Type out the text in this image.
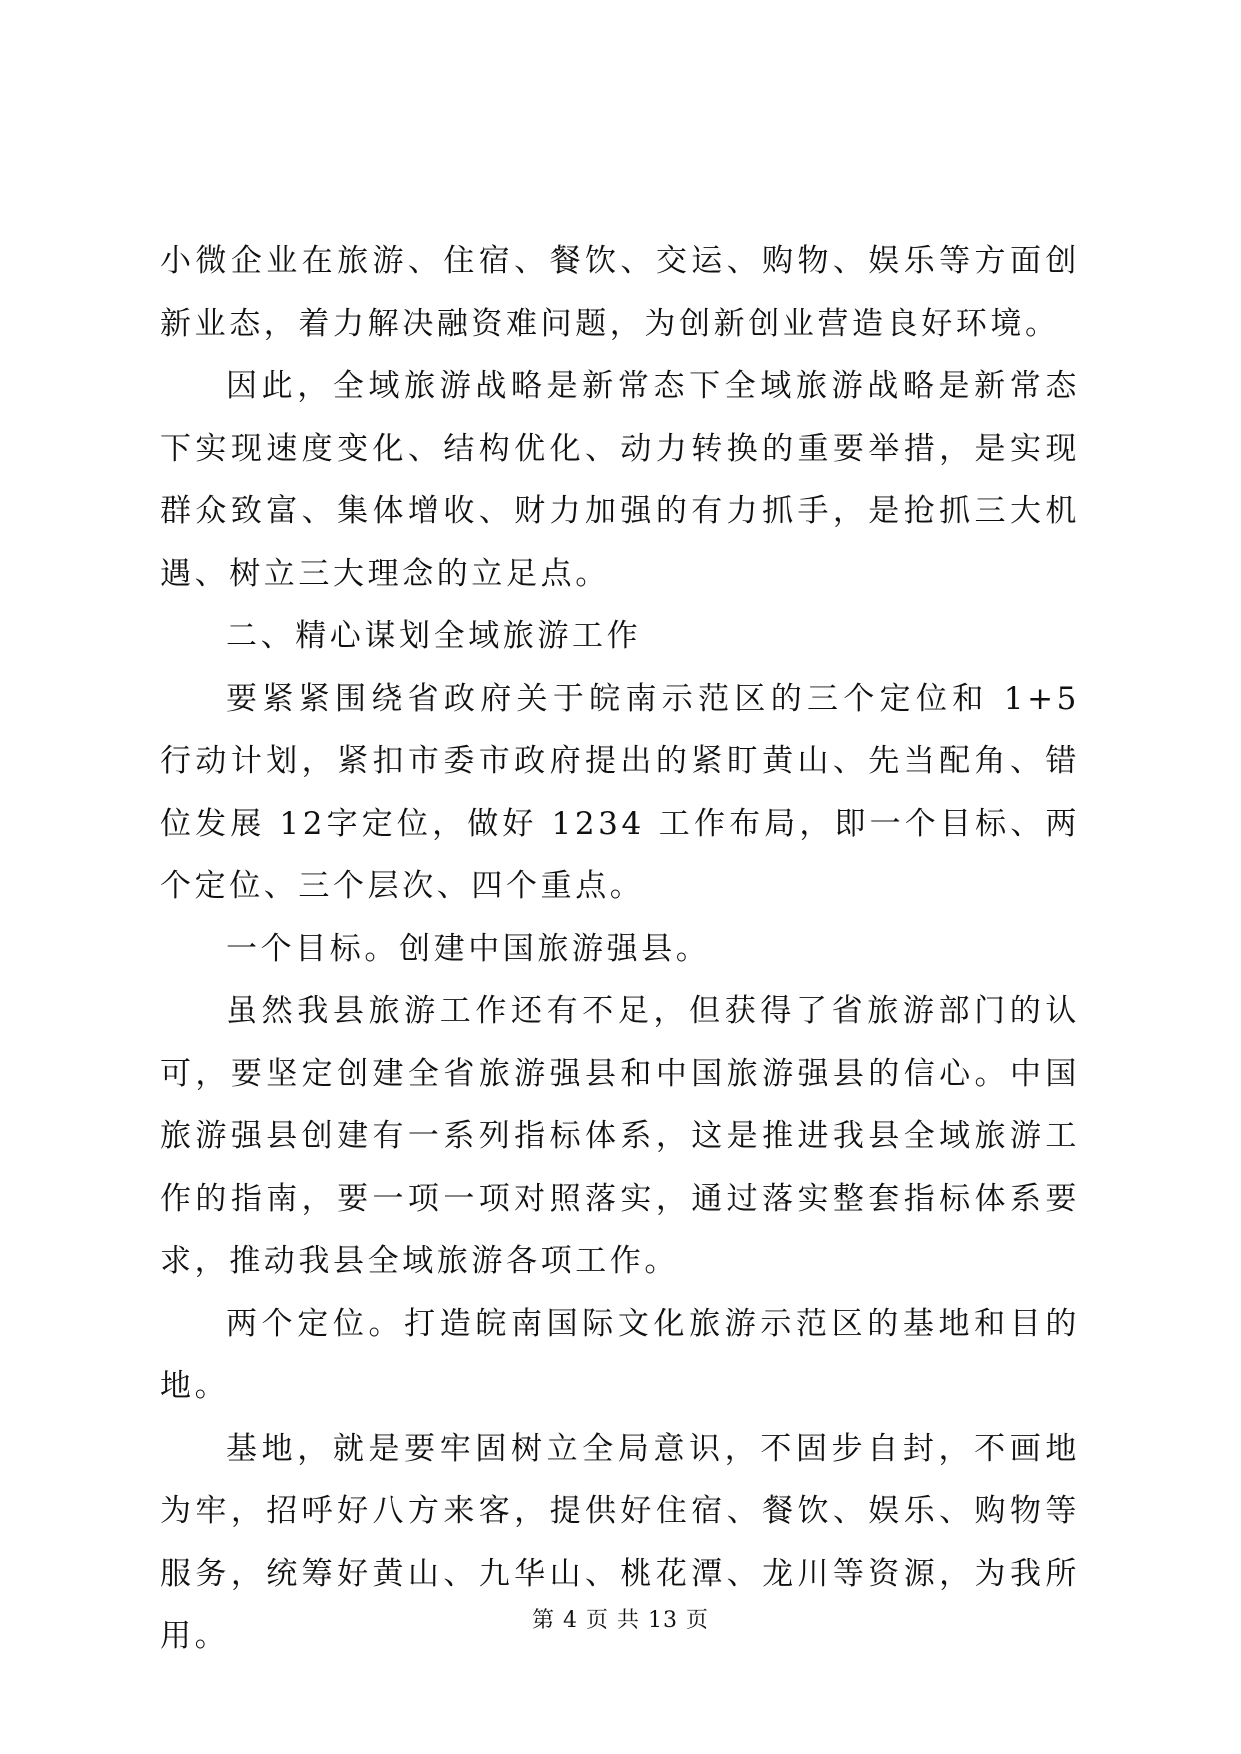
小微企业在旅游、住宿、餐饮、交运、购物、娱乐等方面创新业态，着力解决融资难问题，为创新创业营造良好环境。

因此，全域旅游战略是新常态下全域旅游战略是新常态下实现速度变化、结构优化、动力转换的重要举措，是实现群众致富、集体增收、财力加强的有力抓手，是抢抓三大机遇、树立三大理念的立足点。

二、精心谋划全域旅游工作

要紧紧围绕省政府关于皖南示范区的三个定位和 1+5 行动计划，紧扣市委市政府提出的紧盯黄山、先当配角、错位发展 12字定位，做好 1234 工作布局，即一个目标、两个定位、三个层次、四个重点。

一个目标。创建中国旅游强县。

虽然我县旅游工作还有不足，但获得了省旅游部门的认可，要坚定创建全省旅游强县和中国旅游强县的信心。中国旅游强县创建有一系列指标体系，这是推进我县全域旅游工作的指南，要一项一项对照落实，通过落实整套指标体系要求，推动我县全域旅游各项工作。

两个定位。打造皖南国际文化旅游示范区的基地和目的地。

基地，就是要牢固树立全局意识，不固步自封，不画地为牢，招呼好八方来客，提供好住宿、餐饮、娱乐、购物等服务，统筹好黄山、九华山、桃花潭、龙川等资源，为我所用。	第 4 页 共 13 页
